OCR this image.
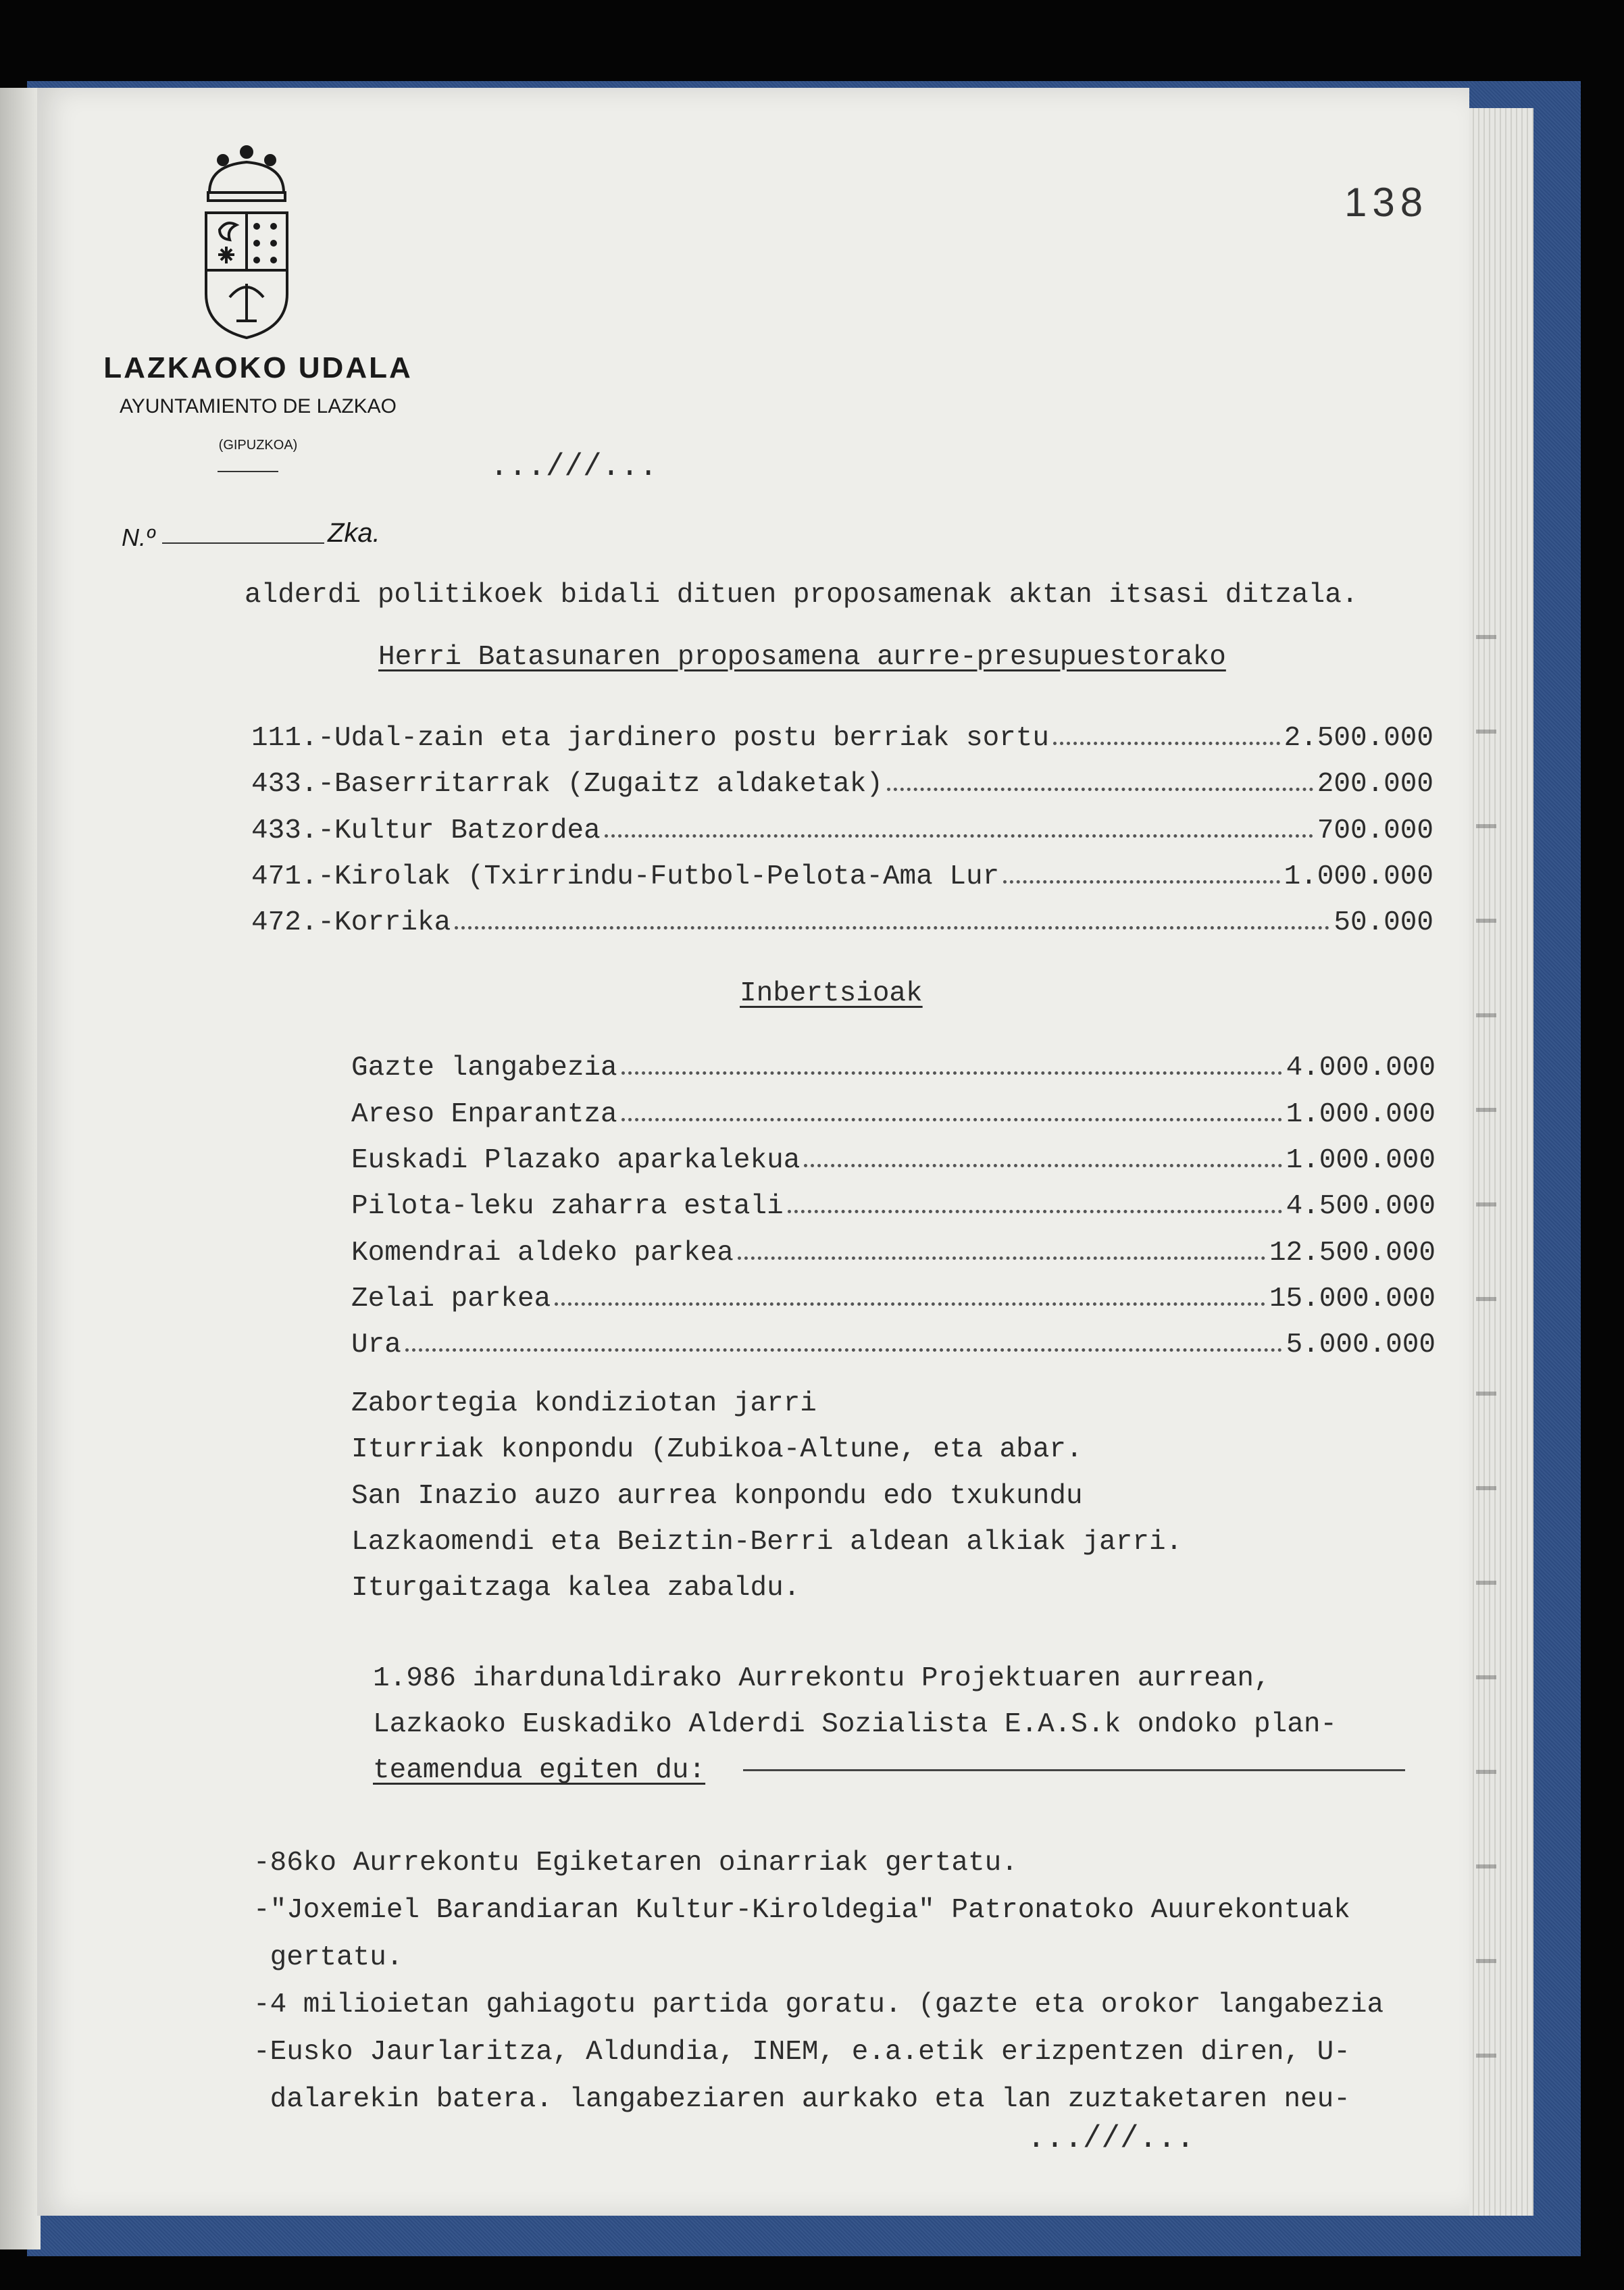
138
LAZKAOKO UDALA
AYUNTAMIENTO DE LAZKAO
(GIPUZKOA)
N.º	Zka.
...///...
alderdi politikoek bidali dituen proposamenak aktan itsasi ditzala.
Herri Batasunaren proposamena aurre-presupuestorako
111.-Udal-zain eta jardinero postu berriak sortu	2.500.000
433.-Baserritarrak (Zugaitz aldaketak)	200.000
433.-Kultur Batzordea	700.000
471.-Kirolak (Txirrindu-Futbol-Pelota-Ama Lur	1.000.000
472.-Korrika	50.000
Inbertsioak
Gazte langabezia	4.000.000
Areso Enparantza	1.000.000
Euskadi Plazako aparkalekua	1.000.000
Pilota-leku zaharra estali	4.500.000
Komendrai aldeko parkea	12.500.000
Zelai parkea	15.000.000
Ura	5.000.000
Zabortegia kondiziotan jarri
Iturriak konpondu (Zubikoa-Altune, eta abar.
San Inazio auzo aurrea konpondu edo txukundu
Lazkaomendi eta Beiztin-Berri aldean alkiak jarri.
Iturgaitzaga kalea zabaldu.
1.986 ihardunaldirako Aurrekontu Projektuaren aurrean,
Lazkaoko Euskadiko Alderdi Sozialista E.A.S.k ondoko plan-
teamendua egiten du:
-86ko Aurrekontu Egiketaren oinarriak gertatu.
-"Joxemiel Barandiaran Kultur-Kiroldegia" Patronatoko Auurekontuak
gertatu.
-4 milioietan gahiagotu partida goratu. (gazte eta orokor langabezia
-Eusko Jaurlaritza, Aldundia, INEM, e.a.etik erizpentzen diren, U-
dalarekin batera. langabeziaren aurkako eta lan zuztaketaren neu-
...///...
